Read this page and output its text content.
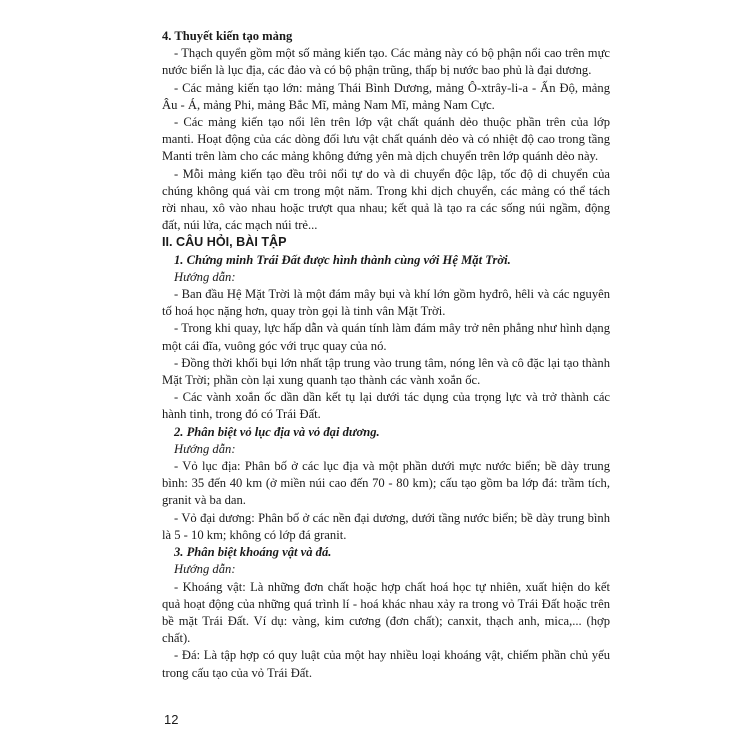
4. Thuyết kiến tạo mảng

- Thạch quyển gồm một số mảng kiến tạo. Các mảng này có bộ phận nổi cao trên mực nước biển là lục địa, các đảo và có bộ phận trũng, thấp bị nước bao phủ là đại dương.

- Các mảng kiến tạo lớn: mảng Thái Bình Dương, mảng Ô-xtrây-li-a - Ấn Độ, mảng Âu - Á, mảng Phi, mảng Bắc Mĩ, mảng Nam Mĩ, mảng Nam Cực.

- Các mảng kiến tạo nổi lên trên lớp vật chất quánh dẻo thuộc phần trên của lớp manti. Hoạt động của các dòng đối lưu vật chất quánh dẻo và có nhiệt độ cao trong tầng Manti trên làm cho các mảng không đứng yên mà dịch chuyển trên lớp quánh dẻo này.

- Mỗi mảng kiến tạo đều trôi nổi tự do và di chuyển độc lập, tốc độ di chuyển của chúng không quá vài cm trong một năm. Trong khi dịch chuyển, các mảng có thể tách rời nhau, xô vào nhau hoặc trượt qua nhau; kết quả là tạo ra các sống núi ngầm, động đất, núi lửa, các mạch núi trẻ...

II. CÂU HỎI, BÀI TẬP

1. Chứng minh Trái Đất được hình thành cùng với Hệ Mặt Trời.

Hướng dẫn:

- Ban đầu Hệ Mặt Trời là một đám mây bụi và khí lớn gồm hyđrô, hêli và các nguyên tố hoá học nặng hơn, quay tròn gọi là tinh vân Mặt Trời.

- Trong khi quay, lực hấp dẫn và quán tính làm đám mây trở nên phẳng như hình dạng một cái đĩa, vuông góc với trục quay của nó.

- Đồng thời khối bụi lớn nhất tập trung vào trung tâm, nóng lên và cô đặc lại tạo thành Mặt Trời; phần còn lại xung quanh tạo thành các vành xoắn ốc.

- Các vành xoắn ốc dần dần kết tụ lại dưới tác dụng của trọng lực và trở thành các hành tinh, trong đó có Trái Đất.

2. Phân biệt vỏ lục địa và vỏ đại dương.

Hướng dẫn:

- Vỏ lục địa: Phân bố ở các lục địa và một phần dưới mực nước biển; bề dày trung bình: 35 đến 40 km (ở miền núi cao đến 70 - 80 km); cấu tạo gồm ba lớp đá: trầm tích, granit và ba dan.

- Vỏ đại dương: Phân bố ở các nền đại dương, dưới tầng nước biển; bề dày trung bình là 5 - 10 km; không có lớp đá granit.

3. Phân biệt khoáng vật và đá.

Hướng dẫn:

- Khoáng vật: Là những đơn chất hoặc hợp chất hoá học tự nhiên, xuất hiện do kết quả hoạt động của những quá trình lí - hoá khác nhau xảy ra trong vỏ Trái Đất hoặc trên bề mặt Trái Đất. Ví dụ: vàng, kim cương (đơn chất); canxit, thạch anh, mica,... (hợp chất).

- Đá: Là tập hợp có quy luật của một hay nhiều loại khoáng vật, chiếm phần chủ yếu trong cấu tạo của vỏ Trái Đất.

12
